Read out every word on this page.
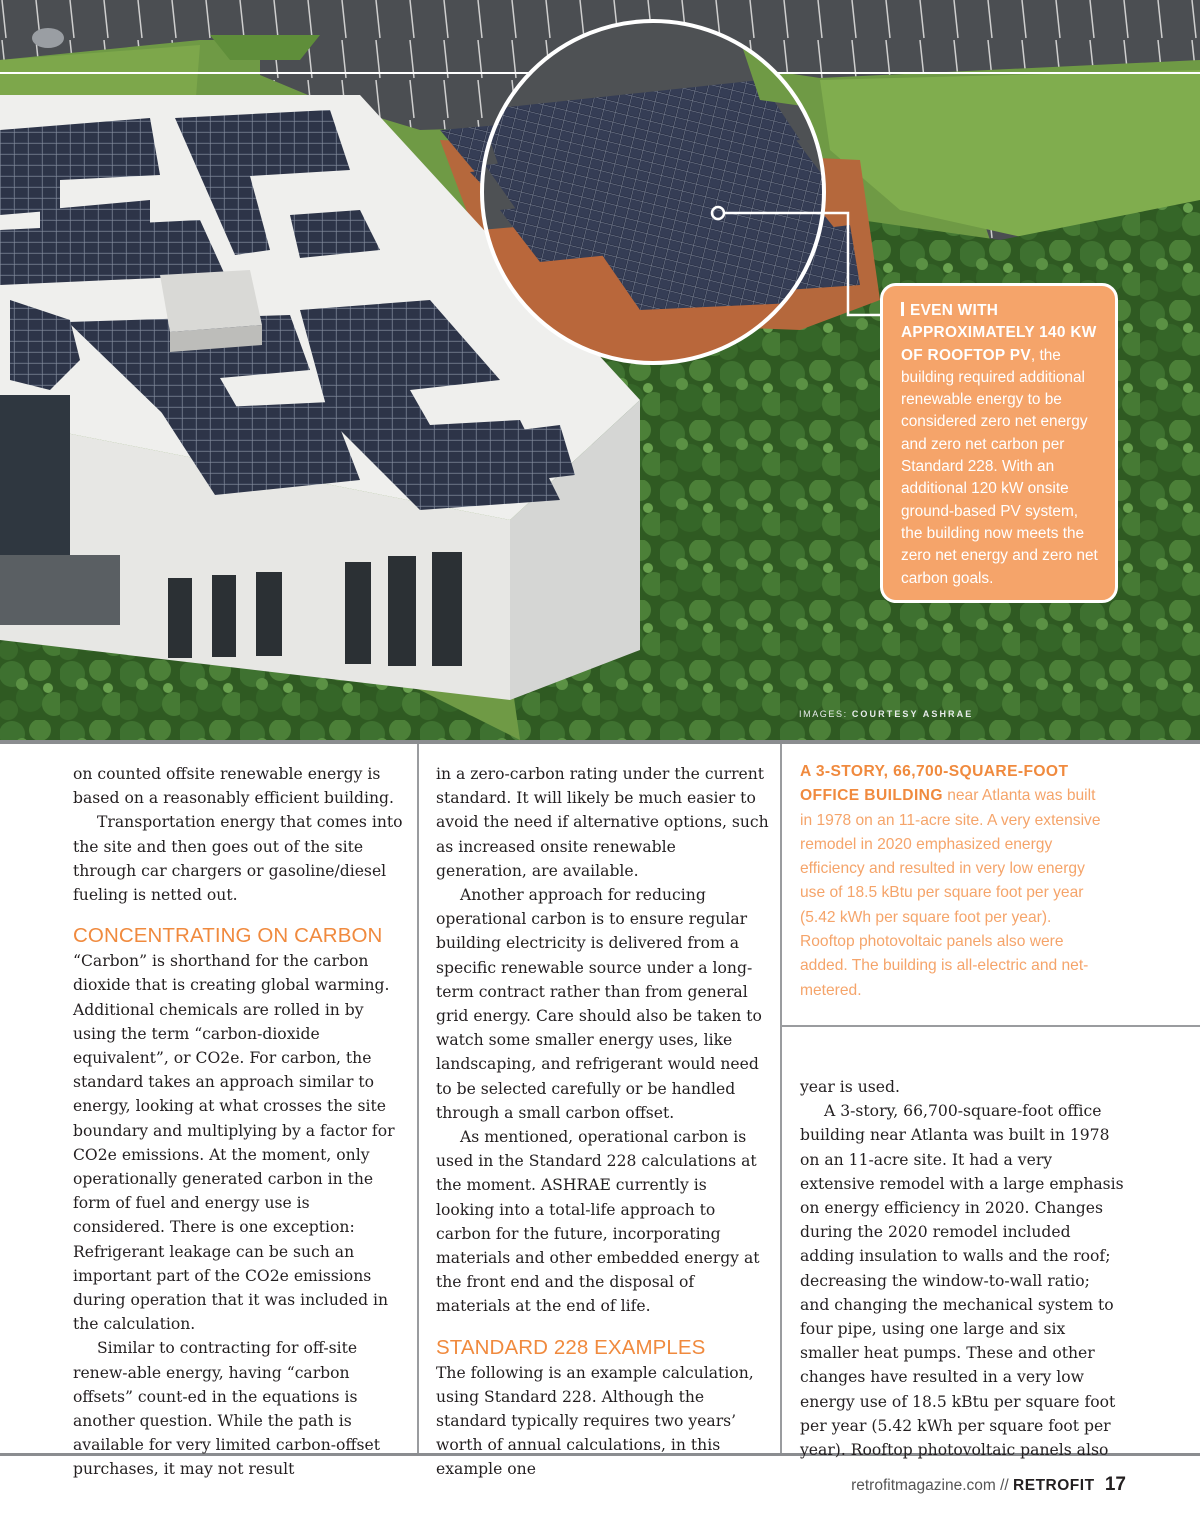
EVEN WITH APPROXIMATELY 140 KW OF ROOFTOP PV, the building required additional renewable energy to be considered zero net energy and zero net carbon per Standard 228. With an additional 120 kW onsite ground-based PV system, the building now meets the zero net energy and zero net carbon goals.
IMAGES: COURTESY ASHRAE

on counted offsite renewable energy is based on a reasonably efficient building.

Transportation energy that comes into the site and then goes out of the site through car chargers or gasoline/diesel fueling is netted out.

CONCENTRATING ON CARBON

“Carbon” is shorthand for the carbon dioxide that is creating global warming. Additional chemicals are rolled in by using the term “carbon-dioxide equivalent”, or CO2e. For carbon, the standard takes an approach similar to energy, looking at what crosses the site boundary and multiplying by a factor for CO2e emissions. At the moment, only operationally generated carbon in the form of fuel and energy use is considered. There is one exception: Refrigerant leakage can be such an important part of the CO2e emissions during operation that it was included in the calculation.

Similar to contracting for off-site renew-able energy, having “carbon offsets” count-ed in the equations is another question. While the path is available for very limited carbon-offset purchases, it may not result

in a zero-carbon rating under the current standard. It will likely be much easier to avoid the need if alternative options, such as increased onsite renewable generation, are available.

Another approach for reducing operational carbon is to ensure regular building electricity is delivered from a specific renewable source under a long-term contract rather than from general grid energy. Care should also be taken to watch some smaller energy uses, like landscaping, and refrigerant would need to be selected carefully or be handled through a small carbon offset.

As mentioned, operational carbon is used in the Standard 228 calculations at the moment. ASHRAE currently is looking into a total-life approach to carbon for the future, incorporating materials and other embedded energy at the front end and the disposal of materials at the end of life.

STANDARD 228 EXAMPLES

The following is an example calculation, using Standard 228. Although the standard typically requires two years’ worth of annual calculations, in this example one

A 3-STORY, 66,700-SQUARE-FOOT OFFICE BUILDING near Atlanta was built in 1978 on an 11-acre site. A very extensive remodel in 2020 emphasized energy efficiency and resulted in very low energy use of 18.5 kBtu per square foot per year (5.42 kWh per square foot per year). Rooftop photovoltaic panels also were added. The building is all-electric and net-metered.

year is used.

A 3-story, 66,700-square-foot office building near Atlanta was built in 1978 on an 11-acre site. It had a very extensive remodel with a large emphasis on energy efficiency in 2020. Changes during the 2020 remodel included adding insulation to walls and the roof; decreasing the window-to-wall ratio; and changing the mechanical system to four pipe, using one large and six smaller heat pumps. These and other changes have resulted in a very low energy use of 18.5 kBtu per square foot per year (5.42 kWh per square foot per year). Rooftop photovoltaic panels also

retrofitmagazine.com // RETROFIT 17
